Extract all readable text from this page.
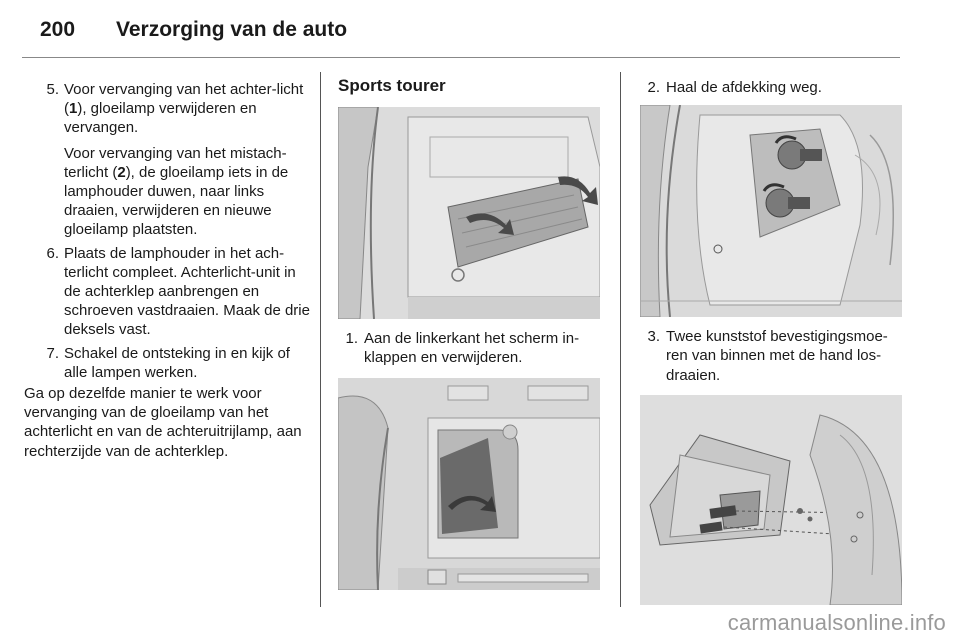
200	Verzorging van de auto
5. Voor vervanging van het achter-licht (1), gloeilamp verwijderen en vervangen.
Voor vervanging van het mistach-terlicht (2), de gloeilamp iets in de lamphouder duwen, naar links draaien, verwijderen en nieuwe gloeilamp plaatsten.
6. Plaats de lamphouder in het ach-terlicht compleet. Achterlicht-unit in de achterklep aanbrengen en schroeven vastdraaien. Maak de drie deksels vast.
7. Schakel de ontsteking in en kijk of alle lampen werken.
Ga op dezelfde manier te werk voor vervanging van de gloeilamp van het achterlicht en van de achteruitrijlamp, aan rechterzijde van de achterklep.
Sports tourer
1. Aan de linkerkant het scherm in-klappen en verwijderen.
2. Haal de afdekking weg.
3. Twee kunststof bevestigingsmoe-ren van binnen met de hand los-draaien.
carmanualsonline.info
